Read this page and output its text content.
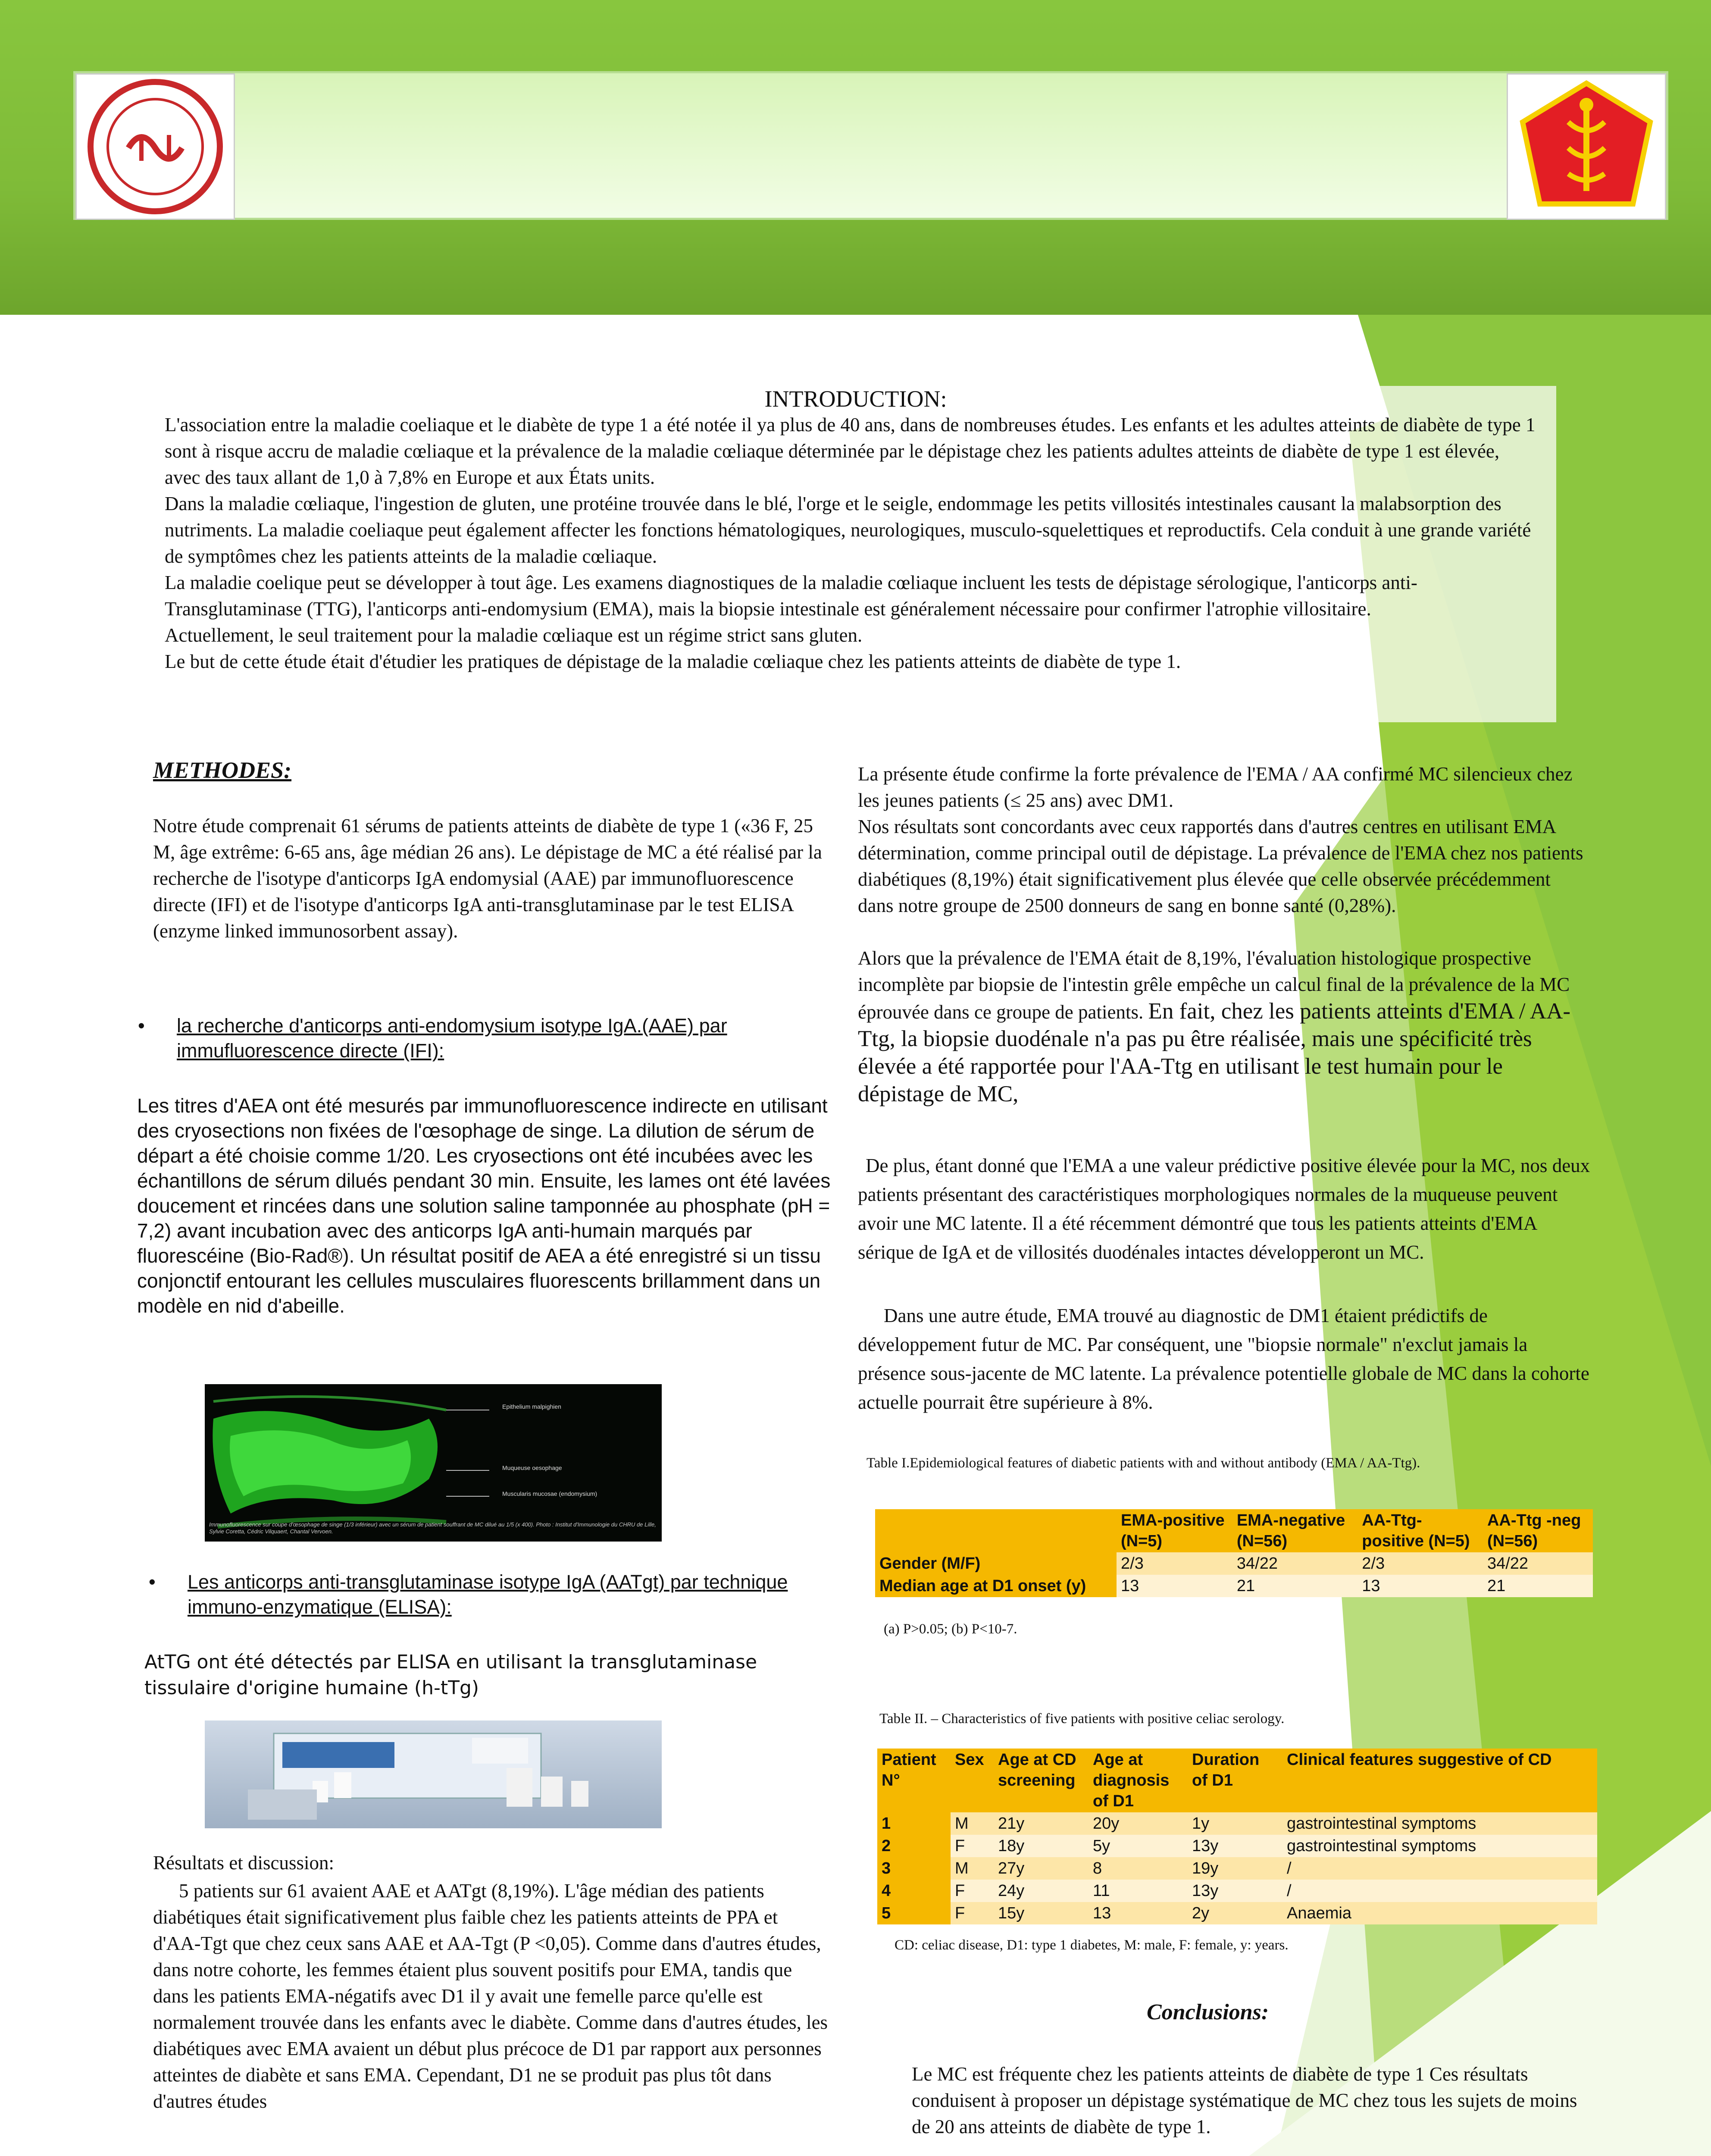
INTRODUCTION:

L'association entre la maladie coeliaque et le diabète de type 1 a été notée il ya plus de 40 ans, dans de nombreuses études. Les enfants et les adultes atteints de diabète de type 1 sont à risque accru de maladie cœliaque et la prévalence de la maladie cœliaque déterminée par le dépistage chez les patients adultes atteints de diabète de type 1 est élevée, avec des taux allant de 1,0 à 7,8% en Europe et aux États units.

Dans la maladie cœliaque, l'ingestion de gluten, une protéine trouvée dans le blé, l'orge et le seigle, endommage les petits villosités intestinales causant la malabsorption des nutriments. La maladie coeliaque peut également affecter les fonctions hématologiques, neurologiques, musculo-squelettiques et reproductifs. Cela conduit à une grande variété de symptômes chez les patients atteints de la maladie cœliaque.

La maladie coelique peut se développer à tout âge. Les examens diagnostiques de la maladie cœliaque incluent les tests de dépistage sérologique, l'anticorps anti-Transglutaminase (TTG), l'anticorps anti-endomysium (EMA), mais la biopsie intestinale est généralement nécessaire pour confirmer l'atrophie villositaire.

Actuellement, le seul traitement pour la maladie cœliaque est un régime strict sans gluten.

Le but de cette étude était d'étudier les pratiques de dépistage de la maladie cœliaque chez les patients atteints de diabète de type 1.

METHODES:

Notre étude comprenait 61 sérums de patients atteints de diabète de type 1 («36 F, 25 M, âge extrême: 6-65 ans, âge médian 26 ans). Le dépistage de MC a été réalisé par la recherche de l'isotype d'anticorps IgA endomysial (AAE) par immunofluorescence directe (IFI) et de l'isotype d'anticorps IgA anti-transglutaminase par le test ELISA (enzyme linked immunosorbent assay).

• la recherche d'anticorps anti-endomysium isotype IgA.(AAE) par immufluorescence directe (IFI):

Les titres d'AEA ont été mesurés par immunofluorescence indirecte en utilisant des cryosections non fixées de l'œsophage de singe. La dilution de sérum de départ a été choisie comme 1/20. Les cryosections ont été incubées avec les échantillons de sérum dilués pendant 30 min. Ensuite, les lames ont été lavées doucement et rincées dans une solution saline tamponnée au phosphate (pH = 7,2) avant incubation avec des anticorps IgA anti-humain marqués par fluorescéine (Bio-Rad®). Un résultat positif de AEA a été enregistré si un tissu conjonctif entourant les cellules musculaires fluorescents brillamment dans un modèle en nid d'abeille.

Epithelium malpighien
Muqueuse oesophage
Muscularis mucosae (endomysium)
Immunofluorescence sur coupe d'œsophage de singe (1/3 inférieur) avec un sérum de patient souffrant de MC dilué au 1/5 (x 400). Photo : Institut d'Immunologie du CHRU de Lille, Sylvie Coretta, Cédric Vilquaert, Chantal Vervoen.
• Les anticorps anti-transglutaminase isotype IgA (AATgt) par technique immuno-enzymatique (ELISA):

AtTG ont été détectés par ELISA en utilisant la transglutaminase tissulaire d'origine humaine (h-tTg)

Résultats et discussion:

5 patients sur 61 avaient AAE et AATgt (8,19%). L'âge médian des patients diabétiques était significativement plus faible chez les patients atteints de PPA et d'AA-Tgt que chez ceux sans AAE et AA-Tgt (P <0,05). Comme dans d'autres études, dans notre cohorte, les femmes étaient plus souvent positifs pour EMA, tandis que dans les patients EMA-négatifs avec D1 il y avait une femelle parce qu'elle est normalement trouvée dans les enfants avec le diabète. Comme dans d'autres études, les diabétiques avec EMA avaient un début plus précoce de D1 par rapport aux personnes atteintes de diabète et sans EMA. Cependant, D1 ne se produit pas plus tôt dans d'autres études

La présente étude confirme la forte prévalence de l'EMA / AA confirmé MC silencieux chez les jeunes patients (≤ 25 ans) avec DM1.

Nos résultats sont concordants avec ceux rapportés dans d'autres centres en utilisant EMA détermination, comme principal outil de dépistage. La prévalence de l'EMA chez nos patients diabétiques (8,19%) était significativement plus élevée que celle observée précédemment dans notre groupe de 2500 donneurs de sang en bonne santé (0,28%).

Alors que la prévalence de l'EMA était de 8,19%, l'évaluation histologique prospective incomplète par biopsie de l'intestin grêle empêche un calcul final de la prévalence de la MC éprouvée dans ce groupe de patients. En fait, chez les patients atteints d'EMA / AA-Ttg, la biopsie duodénale n'a pas pu être réalisée, mais une spécificité très élevée a été rapportée pour l'AA-Ttg en utilisant le test humain pour le dépistage de MC,

De plus, étant donné que l'EMA a une valeur prédictive positive élevée pour la MC, nos deux patients présentant des caractéristiques morphologiques normales de la muqueuse peuvent avoir une MC latente. Il a été récemment démontré que tous les patients atteints d'EMA sérique de IgA et de villosités duodénales intactes développeront un MC.

Dans une autre étude, EMA trouvé au diagnostic de DM1 étaient prédictifs de développement futur de MC. Par conséquent, une "biopsie normale" n'exclut jamais la présence sous-jacente de MC latente. La prévalence potentielle globale de MC dans la cohorte actuelle pourrait être supérieure à 8%.

Table I.Epidemiological features of diabetic patients with and without antibody (EMA / AA-Ttg).
	EMA-positive (N=5)	EMA-negative (N=56)	AA-Ttg-positive (N=5)	AA-Ttg -neg (N=56)
Gender (M/F)	2/3	34/22	2/3	34/22
Median age at D1 onset (y)	13	21	13	21
(a) P>0.05; (b) P<10-7.
Table II. – Characteristics of five patients with positive celiac serology.
Patient N°	Sex	Age at CD screening	Age at diagnosis of D1	Duration of D1	Clinical features suggestive of CD
1	M	21y	20y	1y	gastrointestinal symptoms
2	F	18y	5y	13y	gastrointestinal symptoms
3	M	27y	8	19y	/
4	F	24y	11	13y	/
5	F	15y	13	2y	Anaemia
CD: celiac disease, D1: type 1 diabetes, M: male, F: female, y: years.
Conclusions:

Le MC est fréquente chez les patients atteints de diabète de type 1 Ces résultats conduisent à proposer un dépistage systématique de MC chez tous les sujets de moins de 20 ans atteints de diabète de type 1.
